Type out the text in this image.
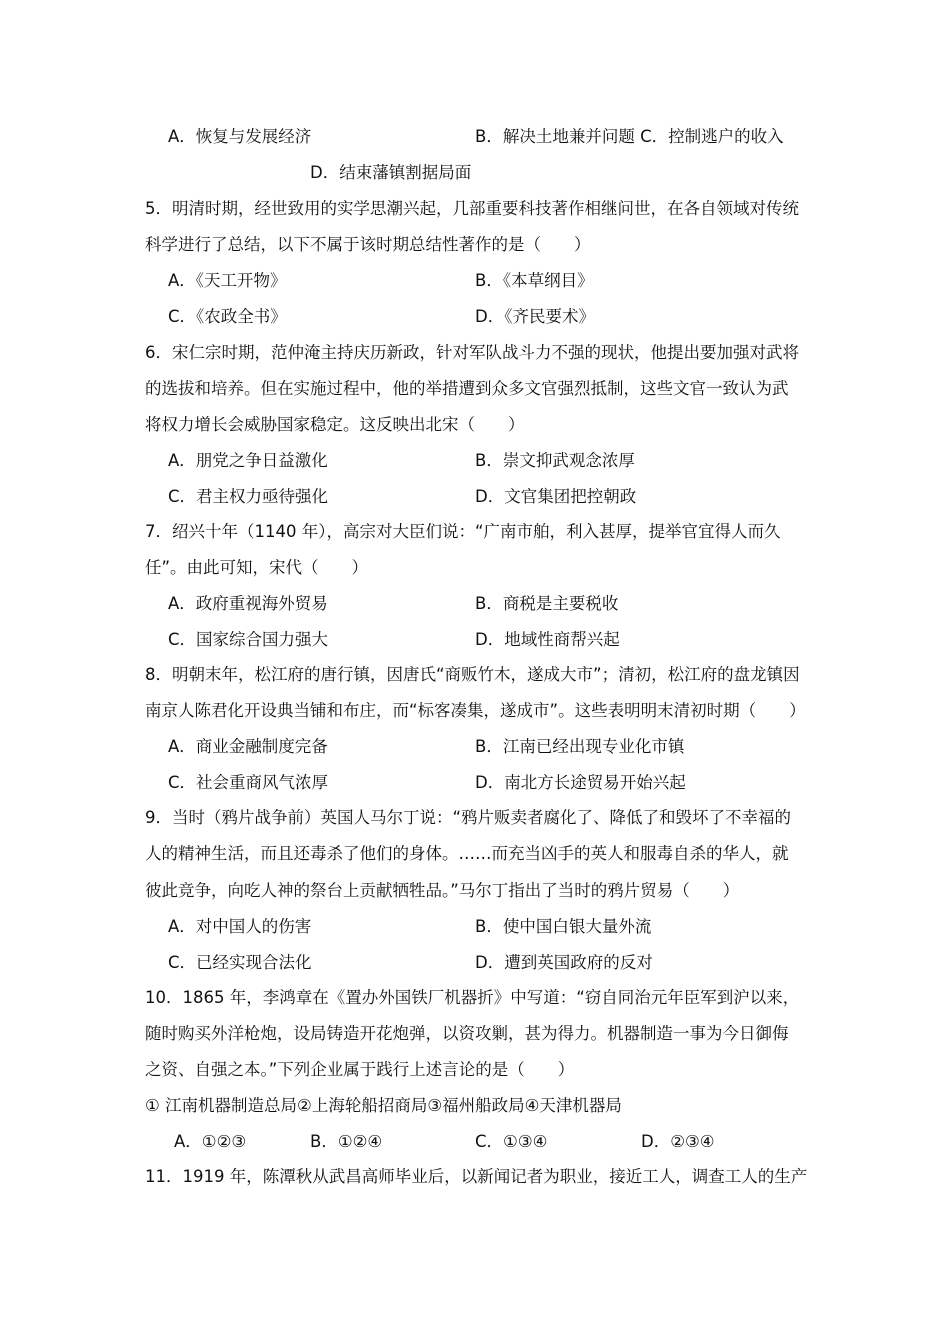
A．恢复与发展经济	B．解决土地兼并问题 C．控制逃户的收入
D．结束藩镇割据局面
5．明清时期，经世致用的实学思潮兴起，几部重要科技著作相继问世，在各自领域对传统
科学进行了总结，以下不属于该时期总结性著作的是（　　）
A．《天工开物》	B．《本草纲目》
C．《农政全书》	D．《齐民要术》
6．宋仁宗时期，范仲淹主持庆历新政，针对军队战斗力不强的现状，他提出要加强对武将
的选拔和培养。但在实施过程中，他的举措遭到众多文官强烈抵制，这些文官一致认为武
将权力增长会威胁国家稳定。这反映出北宋（　　）
A．朋党之争日益激化	B．崇文抑武观念浓厚
C．君主权力亟待强化	D．文官集团把控朝政
7．绍兴十年（1140 年），高宗对大臣们说：“广南市舶，利入甚厚，提举官宜得人而久
任”。由此可知，宋代（　　）
A．政府重视海外贸易	B．商税是主要税收
C．国家综合国力强大	D．地域性商帮兴起
8．明朝末年，松江府的唐行镇，因唐氏“商贩竹木，遂成大市”；清初，松江府的盘龙镇因
南京人陈君化开设典当铺和布庄，而“标客凑集，遂成市”。这些表明明末清初时期（　　）
A．商业金融制度完备	B．江南已经出现专业化市镇
C．社会重商风气浓厚	D．南北方长途贸易开始兴起
9．当时（鸦片战争前）英国人马尔丁说：“鸦片贩卖者腐化了、降低了和毁坏了不幸福的
人的精神生活，而且还毒杀了他们的身体。……而充当凶手的英人和服毒自杀的华人，就
彼此竞争，向吃人神的祭台上贡献牺牲品。”马尔丁指出了当时的鸦片贸易（　　）
A．对中国人的伤害	B．使中国白银大量外流
C．已经实现合法化	D．遭到英国政府的反对
10．1865 年，李鸿章在《置办外国铁厂机器折》中写道：“窃自同治元年臣军到沪以来，
随时购买外洋枪炮，设局铸造开花炮弹，以资攻剿，甚为得力。机器制造一事为今日御侮
之资、自强之本。”下列企业属于践行上述言论的是（　　）
① 江南机器制造总局②上海轮船招商局③福州船政局④天津机器局
A．①②③	B．①②④	C．①③④	D．②③④
11．1919 年，陈潭秋从武昌高师毕业后，以新闻记者为职业，接近工人，调查工人的生产
